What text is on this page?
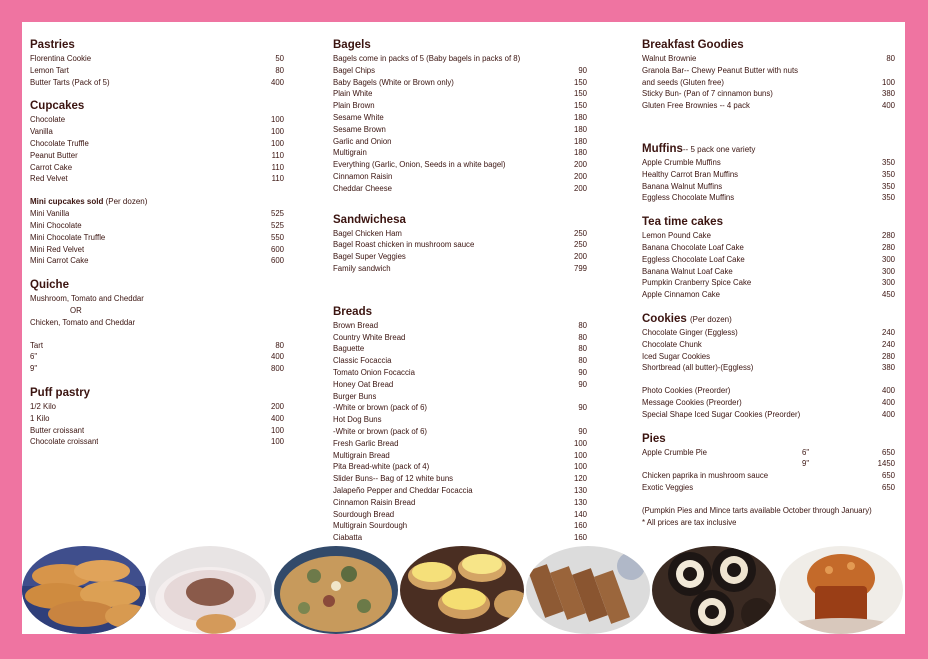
Pastries
Florentina Cookie	50
Lemon Tart	80
Butter Tarts (Pack of 5)	400
Cupcakes
Chocolate	100
Vanilla	100
Chocolate Truffle	100
Peanut Butter	110
Carrot Cake	110
Red Velvet	110
Mini cupcakes sold (Per dozen)
Mini Vanilla	525
Mini Chocolate	525
Mini Chocolate Truffle	550
Mini Red Velvet	600
Mini Carrot Cake	600
Quiche
Mushroom, Tomato and Cheddar
OR
Chicken, Tomato and Cheddar
Tart	80
6"	400
9"	800
Puff pastry
1/2 Kilo	200
1 Kilo	400
Butter croissant	100
Chocolate croissant	100
Bagels
Bagels come in packs of 5 (Baby bagels in packs of 8)
Bagel Chips	90
Baby Bagels (White or Brown only)	150
Plain White	150
Plain Brown	150
Sesame White	180
Sesame Brown	180
Garlic and Onion	180
Multigrain	180
Everything (Garlic, Onion, Seeds in a white bagel)	200
Cinnamon Raisin	200
Cheddar Cheese	200
Sandwichesa
Bagel Chicken Ham	250
Bagel Roast chicken in mushroom sauce	250
Bagel Super Veggies	200
Family sandwich	799
Breads
Brown Bread	80
Country White Bread	80
Baguette	80
Classic Focaccia	80
Tomato Onion Focaccia	90
Honey Oat Bread	90
Burger Buns
-White or brown (pack of 6)	90
Hot Dog Buns
-White or brown (pack of 6)	90
Fresh Garlic Bread	100
Multigrain Bread	100
Pita Bread-white (pack of 4)	100
Slider Buns-- Bag of 12 white buns	120
Jalapeño Pepper and Cheddar Focaccia	130
Cinnamon Raisin Bread	130
Sourdough Bread	140
Multigrain Sourdough	160
Ciabatta	160
Breakfast Goodies
Walnut Brownie	80
Granola Bar-- Chewy Peanut Butter with nuts
and seeds (Gluten free)	100
Sticky Bun- (Pan of 7 cinnamon buns)	380
Gluten Free Brownies -- 4 pack	400
Muffins-- 5 pack one variety
Apple Crumble Muffins	350
Healthy Carrot Bran Muffins	350
Banana Walnut Muffins	350
Eggless Chocolate Muffins	350
Tea time cakes
Lemon Pound Cake	280
Banana Chocolate Loaf Cake	280
Eggless Chocolate Loaf Cake	300
Banana Walnut Loaf Cake	300
Pumpkin Cranberry Spice Cake	300
Apple Cinnamon Cake	450
Cookies (Per dozen)
Chocolate Ginger (Eggless)	240
Chocolate Chunk	240
Iced Sugar Cookies	280
Shortbread (all butter)-(Eggless)	380
Photo Cookies (Preorder)	400
Message Cookies (Preorder)	400
Special Shape Iced Sugar Cookies (Preorder)	400
Pies
Apple Crumble Pie	6"	650
9"	1450
Chicken paprika in mushroom sauce	650
Exotic Veggies	650
(Pumpkin Pies and Mince tarts available October through January)
* All prices are tax inclusive
